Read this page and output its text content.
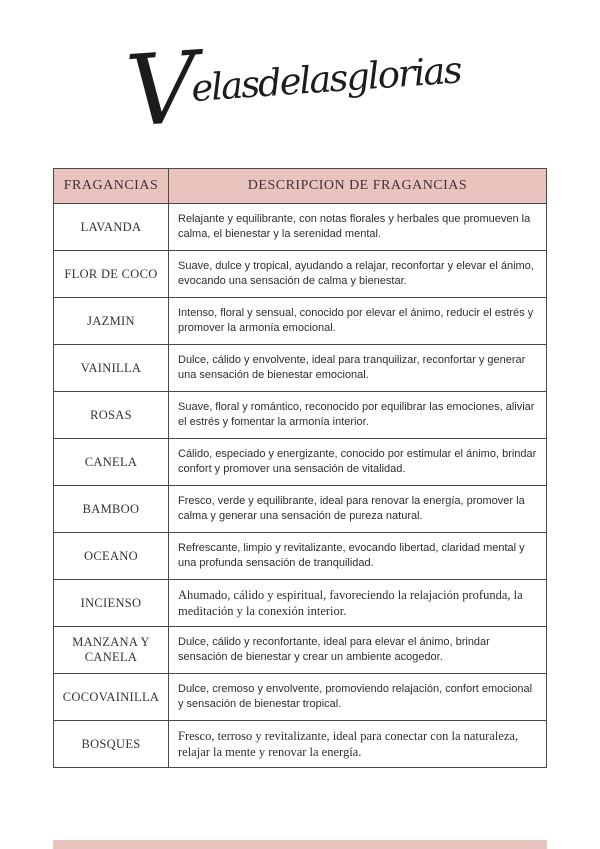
Velasdelasglorias
FRAGANCIAS	DESCRIPCION DE FRAGANCIAS
LAVANDA	Relajante y equilibrante, con notas florales y herbales que promueven la calma, el bienestar y la serenidad mental.
FLOR DE COCO	Suave, dulce y tropical, ayudando a relajar, reconfortar y elevar el ánimo, evocando una sensación de calma y bienestar.
JAZMIN	Intenso, floral y sensual, conocido por elevar el ánimo, reducir el estrés y promover la armonía emocional.
VAINILLA	Dulce, cálido y envolvente, ideal para tranquilizar, reconfortar y generar una sensación de bienestar emocional.
ROSAS	Suave, floral y romántico, reconocido por equilibrar las emociones, aliviar el estrés y fomentar la armonía interior.
CANELA	Cálido, especiado y energizante, conocido por estimular el ánimo, brindar confort y promover una sensación de vitalidad.
BAMBOO	Fresco, verde y equilibrante, ideal para renovar la energía, promover la calma y generar una sensación de pureza natural.
OCEANO	Refrescante, limpio y revitalizante, evocando libertad, claridad mental y una profunda sensación de tranquilidad.
INCIENSO	Ahumado, cálido y espiritual, favoreciendo la relajación profunda, la meditación y la conexión interior.
MANZANA Y CANELA	Dulce, cálido y reconfortante, ideal para elevar el ánimo, brindar sensación de bienestar y crear un ambiente acogedor.
COCOVAINILLA	Dulce, cremoso y envolvente, promoviendo relajación, confort emocional y sensación de bienestar tropical.
BOSQUES	Fresco, terroso y revitalizante, ideal para conectar con la naturaleza, relajar la mente y renovar la energía.
